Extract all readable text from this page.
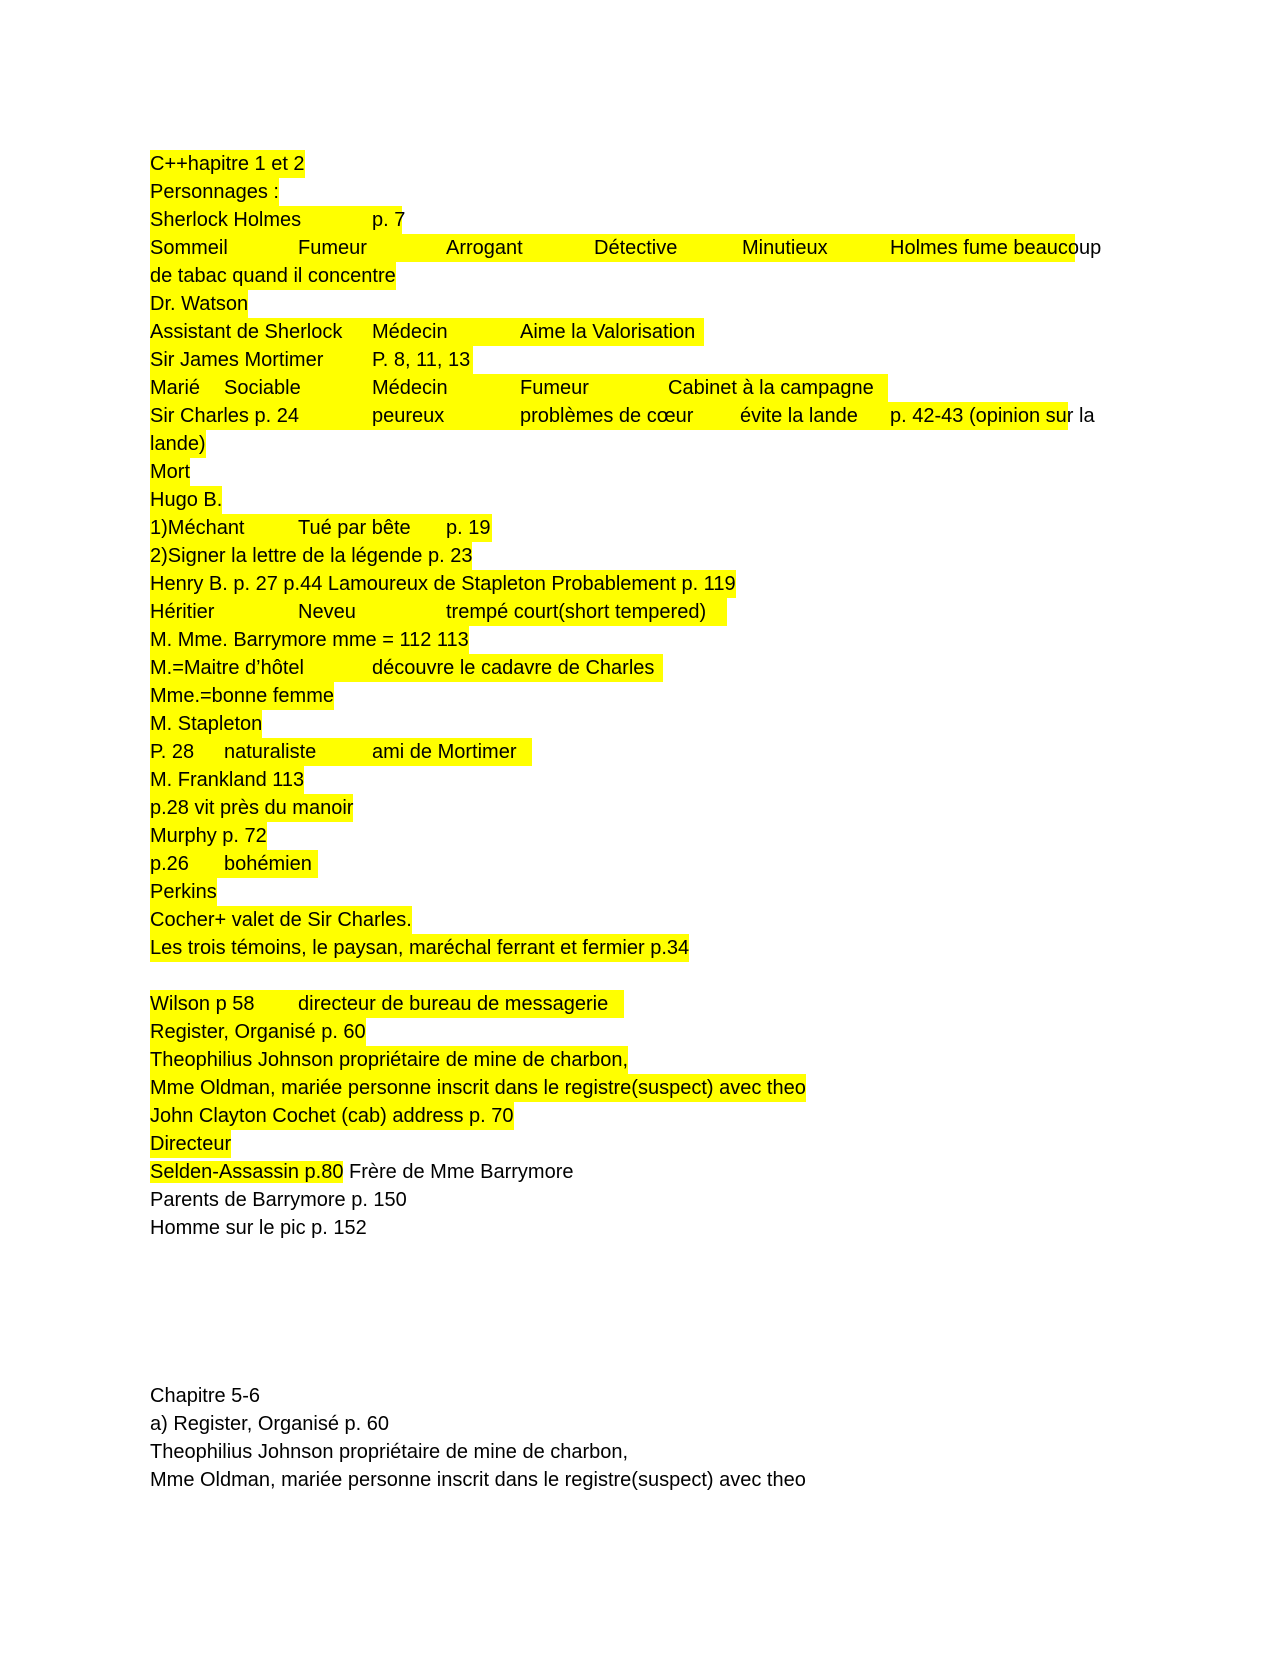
C++hapitre 1 et 2
Personnages :
Sherlock Holmes	p. 7
Sommeil	Fumeur	Arrogant	Détective	Minutieux	Holmes fume beaucoup
de tabac quand il concentre
Dr. Watson
Assistant de Sherlock Médecin	Aime la Valorisation
Sir James Mortimer P. 8, 11, 13
Marié Sociable	Médecin	Fumeur	Cabinet à la campagne
Sir Charles p. 24	peureux	problèmes de cœur évite la lande p. 42-43 (opinion sur la
lande)
Mort
Hugo B.
1)Méchant	Tué par bête p. 19
2)Signer la lettre de la légende p. 23
Henry B. p. 27 p.44 Lamoureux de Stapleton Probablement p. 119
Héritier	Neveu	trempé court(short tempered)
M. Mme. Barrymore mme = 112 113
M.=Maitre d’hôtel	découvre le cadavre de Charles
Mme.=bonne femme
M. Stapleton
P. 28 naturaliste	ami de Mortimer
M. Frankland 113
p.28 vit près du manoir
Murphy p. 72
p.26 bohémien
Perkins
Cocher+ valet de Sir Charles.
Les trois témoins, le paysan, maréchal ferrant et fermier p.34
Wilson p 58 directeur de bureau de messagerie
Register, Organisé p. 60
Theophilius Johnson propriétaire de mine de charbon,
Mme Oldman, mariée personne inscrit dans le registre(suspect) avec theo
John Clayton Cochet (cab) address p. 70
Directeur
Selden-Assassin p.80 Frère de Mme Barrymore
Parents de Barrymore p. 150
Homme sur le pic p. 152
Chapitre 5-6
a) Register, Organisé p. 60
Theophilius Johnson propriétaire de mine de charbon,
Mme Oldman, mariée personne inscrit dans le registre(suspect) avec theo
